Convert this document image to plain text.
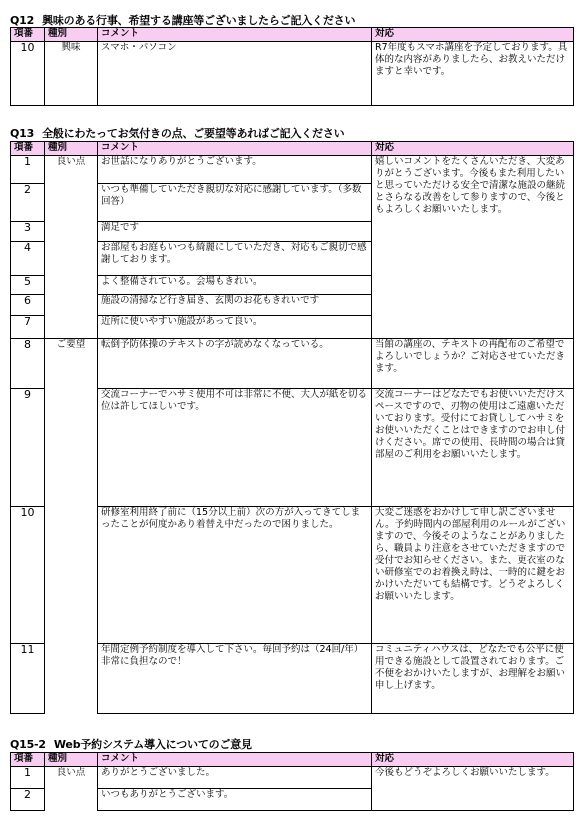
Q12 興味のある行事、希望する講座等ございましたらご記入ください
項番	種別	コメント	対応
10	興味	スマホ・パソコン	R7年度もスマホ講座を予定しております。具体的な内容がありましたら、お教えいただけますと幸いです。
Q13 全般にわたってお気付きの点、ご要望等あればご記入ください
項番	種別	コメント	対応
1	良い点	お世話になりありがとうございます。	嬉しいコメントをたくさんいただき、大変ありがとうございます。今後もまた利用したいと思っていただける安全で清潔な施設の継続とさらなる改善をして参りますので、今後ともよろしくお願いいたします。
2		いつも準備していただき親切な対応に感謝しています。（多数回答）	
3		満足です	
4		お部屋もお庭もいつも綺麗にしていただき、対応もご親切で感謝しております。	
5		よく整備されている。会場もきれい。	
6		施設の清掃など行き届き、玄関のお花もきれいです	
7		近所に使いやすい施設があって良い。	
8	ご要望	転倒予防体操のテキストの字が読めなくなっている。	当館の講座の、テキストの再配布のご希望でよろしいでしょうか？ご対応させていただきます。
9		交流コーナーでハサミ使用不可は非常に不便、大人が紙を切る位は許してほしいです。	交流コーナーはどなたでもお使いいただけスペースですので、刃物の使用はご遠慮いただいております。受付にてお貸ししてハサミをお使いいただくことはできますのでお申し付けください。席での使用、長時間の場合は貸部屋のご利用をお願いいたします。
10		研修室利用終了前に（15分以上前）次の方が入ってきてしまったことが何度かあり着替え中だったので困りました。	大変ご迷惑をおかけして申し訳ございません。予約時間内の部屋利用のルールがございますので、今後そのようなことがありましたら、職員より注意をさせていただきますので受付でお知らせください。また、更衣室のない研修室でのお着換え時は、一時的に鍵をおかけいただいても結構です。どうぞよろしくお願いいたします。
11		年間定例予約制度を導入して下さい。毎回予約は（24回/年）非常に負担なので！	コミュニティハウスは、どなたでも公平に使用できる施設として設置されております。ご不便をおかけいたしますが、お理解をお願い申し上げます。
Q15-2 Web予約システム導入についてのご意見
項番	種別	コメント	対応
1	良い点	ありがとうございました。	今後もどうぞよろしくお願いいたします。
2		いつもありがとうございます。	
